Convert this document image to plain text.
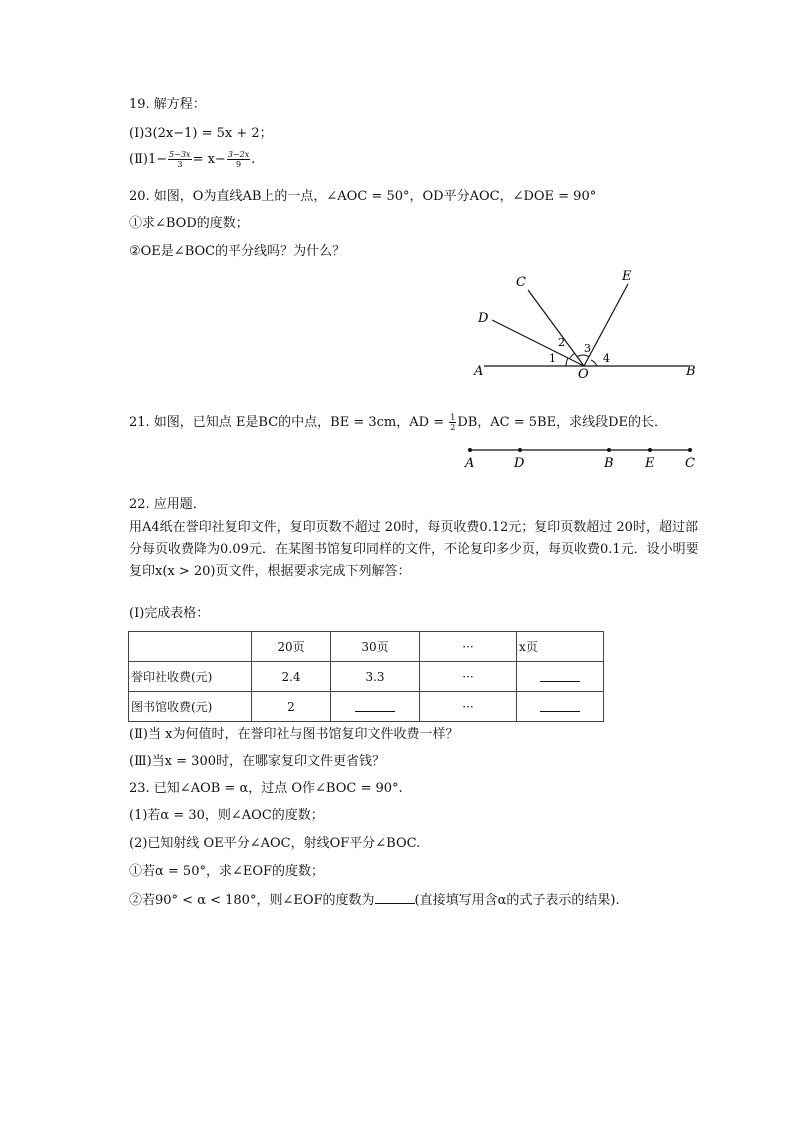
19. 解方程：
(Ⅰ)3(2x−1) = 5x + 2；
(Ⅱ)1− $\frac{5-3x}{3} = x- \frac{3-2x}{9}$ .
20. 如图，O为直线AB上的一点，∠AOC = 50°，OD平分AOC，∠DOE = 90°
①求∠BOD的度数；
②OE是∠BOC的平分线吗？为什么？
A	B
C
D
E
O
1
2 3
4
21. 如图，已知点 E是BC的中点，BE = 3cm，AD = $\frac{1}{2}$ DB，AC = 5BE，求线段DE的长．
A	D	B E C
22. 应用题．
用A4纸在誉印社复印文件，复印页数不超过 20时，每页收费0.12元；复印页数超过 20时，超过部分每页收费降为0.09元．在某图书馆复印同样的文件，不论复印多少页，每页收费0.1元．设小明要复印x(x > 20)页文件，根据要求完成下列解答：
(Ⅰ)完成表格：
	20页	30页	···	x页
誉印社收费(元)	2.4	3.3	···	
图书馆收费(元)	2		···	
(Ⅱ)当 x为何值时，在誉印社与图书馆复印文件收费一样？
(Ⅲ)当x = 300时，在哪家复印文件更省钱？
23. 已知∠AOB = α，过点 O作∠BOC = 90°.
(1)若α = 30，则∠AOC的度数；
(2)已知射线 OE平分∠AOC，射线OF平分∠BOC.
①若α = 50°，求∠EOF的度数；
②若90° < α < 180°，则∠EOF的度数为	(直接填写用含α的式子表示的结果).
